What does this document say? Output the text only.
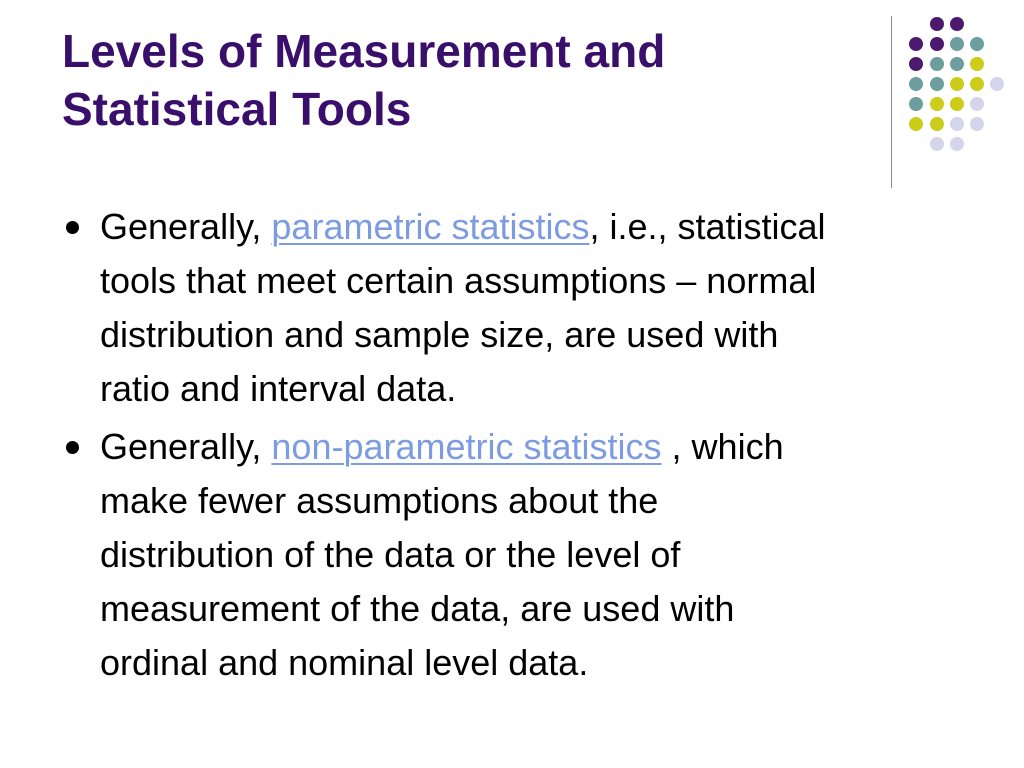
Levels of Measurement and
Statistical Tools
Generally, parametric statistics, i.e., statistical
tools that meet certain assumptions – normal
distribution and sample size, are used with
ratio and interval data.
Generally, non-parametric statistics , which
make fewer assumptions about the
distribution of the data or the level of
measurement of the data, are used with
ordinal and nominal level data.
